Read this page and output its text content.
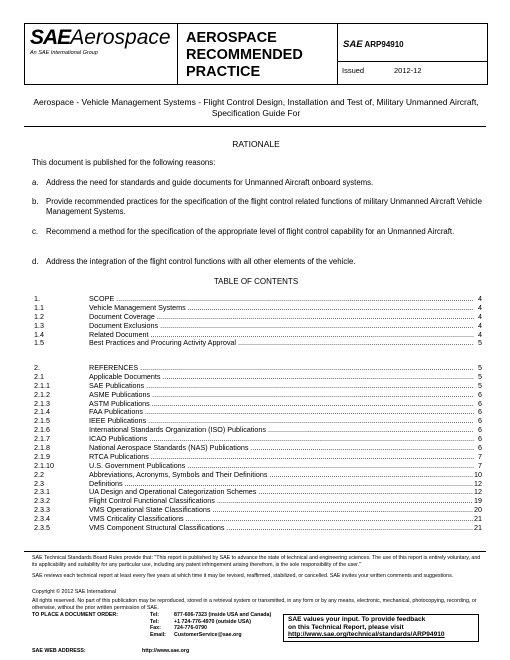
SAEAerospace
An SAE International Group
AEROSPACE
RECOMMENDED
PRACTICE
SAE ARP94910
Issued	2012-12
Aerospace - Vehicle Management Systems - Flight Control Design, Installation and Test of, Military Unmanned Aircraft, Specification Guide For
RATIONALE
This document is published for the following reasons:
a. Address the need for standards and guide documents for Unmanned Aircraft onboard systems.
b. Provide recommended practices for the specification of the flight control related functions of military Unmanned Aircraft Vehicle Management Systems.
c. Recommend a method for the specification of the appropriate level of flight control capability for an Unmanned Aircraft.
d. Address the integration of the flight control functions with all other elements of the vehicle.
TABLE OF CONTENTS
1.	SCOPE .....	4
1.1	Vehicle Management Systems .....	4
1.2	Document Coverage .....	4
1.3	Document Exclusions .....	4
1.4	Related Document .....	4
1.5	Best Practices and Procuring Activity Approval .....	5
2.	REFERENCES .....	5
2.1	Applicable Documents .....	5
2.1.1	SAE Publications .....	5
2.1.2	ASME Publications .....	6
2.1.3	ASTM Publications .....	6
2.1.4	FAA Publications .....	6
2.1.5	IEEE Publications .....	6
2.1.6	International Standards Organization (ISO) Publications .....	6
2.1.7	ICAO Publications .....	6
2.1.8	National Aerospace Standards (NAS) Publications .....	6
2.1.9	RTCA Publications .....	7
2.1.10	U.S. Government Publications .....	7
2.2	Abbreviations, Acronyms, Symbols and Their Definitions .....	10
2.3	Definitions .....	12
2.3.1	UA Design and Operational Categorization Schemes .....	12
2.3.2	Flight Control Functional Classifications .....	19
2.3.3	VMS Operational State Classifications .....	20
2.3.4	VMS Criticality Classifications .....	21
2.3.5	VMS Component Structural Classifications .....	21
SAE Technical Standards Board Rules provide that: "This report is published by SAE to advance the state of technical and engineering sciences. The use of this report is entirely voluntary, and its applicability and suitability for any particular use, including any patent infringement arising therefrom, is the sole responsibility of the user."
SAE reviews each technical report at least every five years at which time it may be revised, reaffirmed, stabilized, or cancelled. SAE invites your written comments and suggestions.
Copyright © 2012 SAE International
All rights reserved. No part of this publication may be reproduced, stored in a retrieval system or transmitted, in any form or by any means, electronic, mechanical, photocopying, recording, or otherwise, without the prior written permission of SAE.
TO PLACE A DOCUMENT ORDER:	Tel:	877-606-7323 (inside USA and Canada)
Tel:	+1 724-776-4970 (outside USA)
Fax: 724-776-0790
Email: CustomerService@sae.org
SAE WEB ADDRESS:	http://www.sae.org
SAE values your input. To provide feedback
on this Technical Report, please visit
http://www.sae.org/technical/standards/ARP94910
